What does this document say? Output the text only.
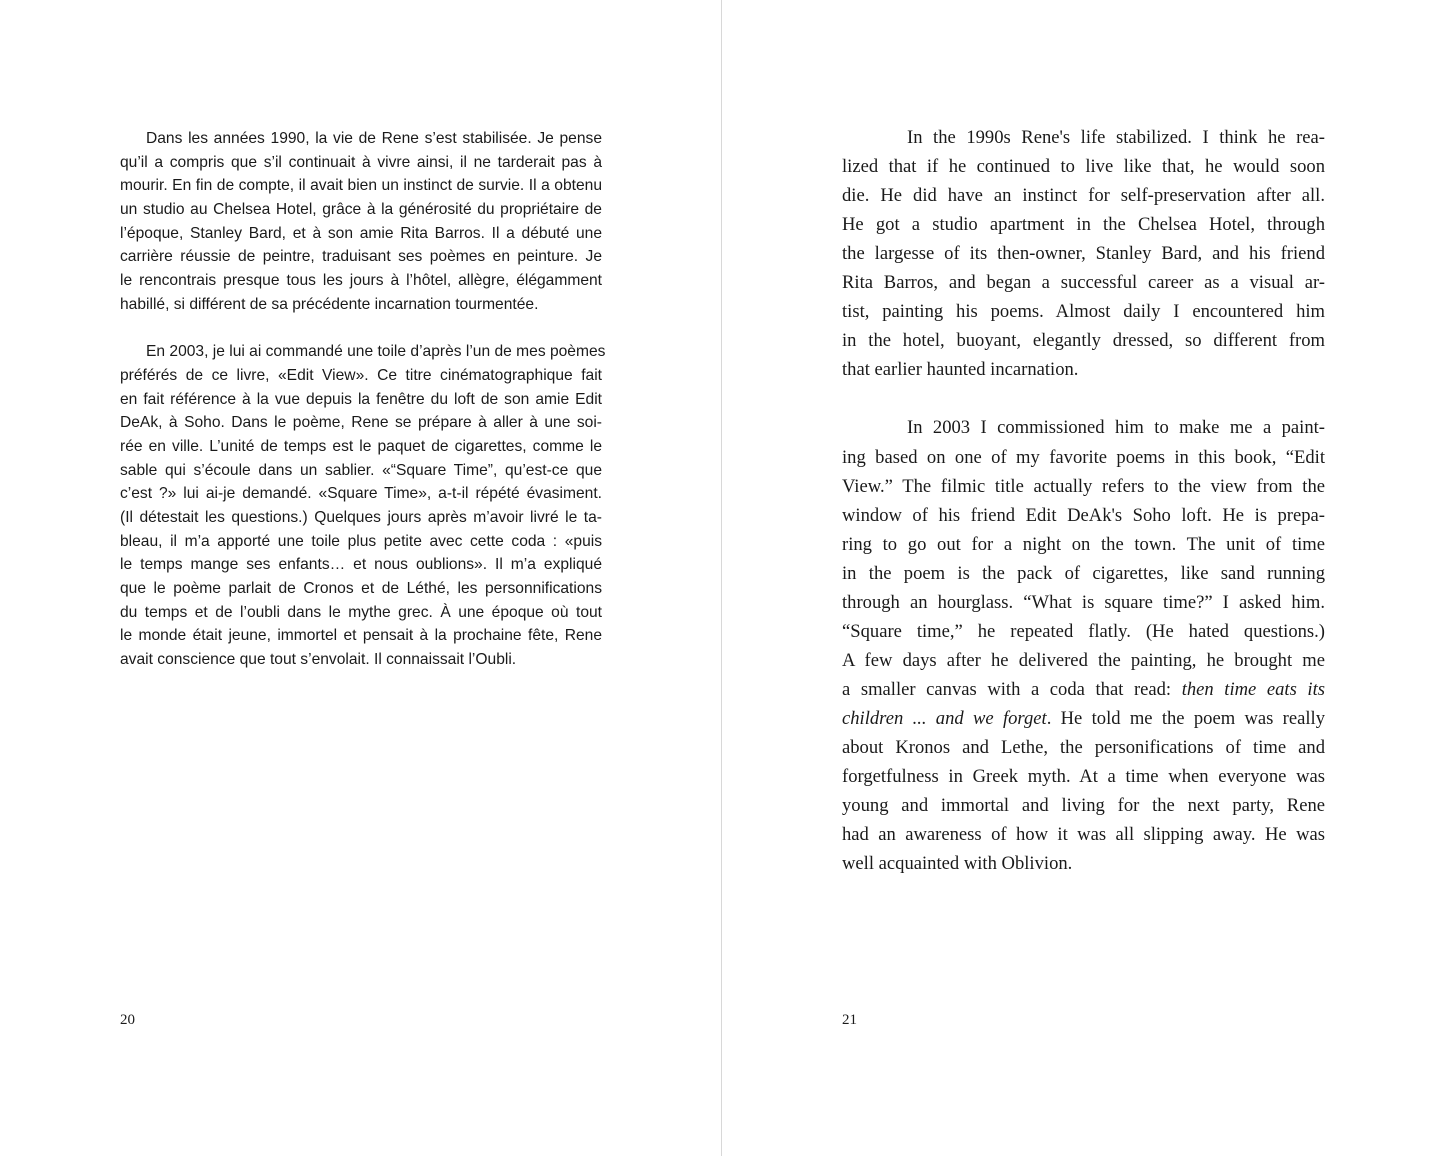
Dans les années 1990, la vie de Rene s’est stabilisée. Je pense
qu’il a compris que s’il continuait à vivre ainsi, il ne tarderait pas à
mourir. En fin de compte, il avait bien un instinct de survie. Il a obtenu
un studio au Chelsea Hotel, grâce à la générosité du propriétaire de
l’époque, Stanley Bard, et à son amie Rita Barros. Il a débuté une
carrière réussie de peintre, traduisant ses poèmes en peinture. Je
le rencontrais presque tous les jours à l’hôtel, allègre, élégamment
habillé, si différent de sa précédente incarnation tourmentée.
En 2003, je lui ai commandé une toile d’après l’un de mes poèmes
préférés de ce livre, «Edit View». Ce titre cinématographique fait
en fait référence à la vue depuis la fenêtre du loft de son amie Edit
DeAk, à Soho. Dans le poème, Rene se prépare à aller à une soi-
rée en ville. L’unité de temps est le paquet de cigarettes, comme le
sable qui s’écoule dans un sablier. «“Square Time”, qu’est-ce que
c’est ?» lui ai-je demandé. «Square Time», a-t-il répété évasiment.
(Il détestait les questions.) Quelques jours après m’avoir livré le ta-
bleau, il m’a apporté une toile plus petite avec cette coda : «puis
le temps mange ses enfants… et nous oublions». Il m’a expliqué
que le poème parlait de Cronos et de Léthé, les personnifications
du temps et de l’oubli dans le mythe grec. À une époque où tout
le monde était jeune, immortel et pensait à la prochaine fête, Rene
avait conscience que tout s’envolait. Il connaissait l’Oubli.
In the 1990s Rene's life stabilized. I think he rea-
lized that if he continued to live like that, he would soon
die. He did have an instinct for self-preservation after all.
He got a studio apartment in the Chelsea Hotel, through
the largesse of its then-owner, Stanley Bard, and his friend
Rita Barros, and began a successful career as a visual ar-
tist, painting his poems. Almost daily I encountered him
in the hotel, buoyant, elegantly dressed, so different from
that earlier haunted incarnation.
In 2003 I commissioned him to make me a paint-
ing based on one of my favorite poems in this book, “Edit
View.” The filmic title actually refers to the view from the
window of his friend Edit DeAk's Soho loft. He is prepa-
ring to go out for a night on the town. The unit of time
in the poem is the pack of cigarettes, like sand running
through an hourglass. “What is square time?” I asked him.
“Square time,” he repeated flatly. (He hated questions.)
A few days after he delivered the painting, he brought me
a smaller canvas with a coda that read: then time eats its
children ... and we forget. He told me the poem was really
about Kronos and Lethe, the personifications of time and
forgetfulness in Greek myth. At a time when everyone was
young and immortal and living for the next party, Rene
had an awareness of how it was all slipping away. He was
well acquainted with Oblivion.
20	21
